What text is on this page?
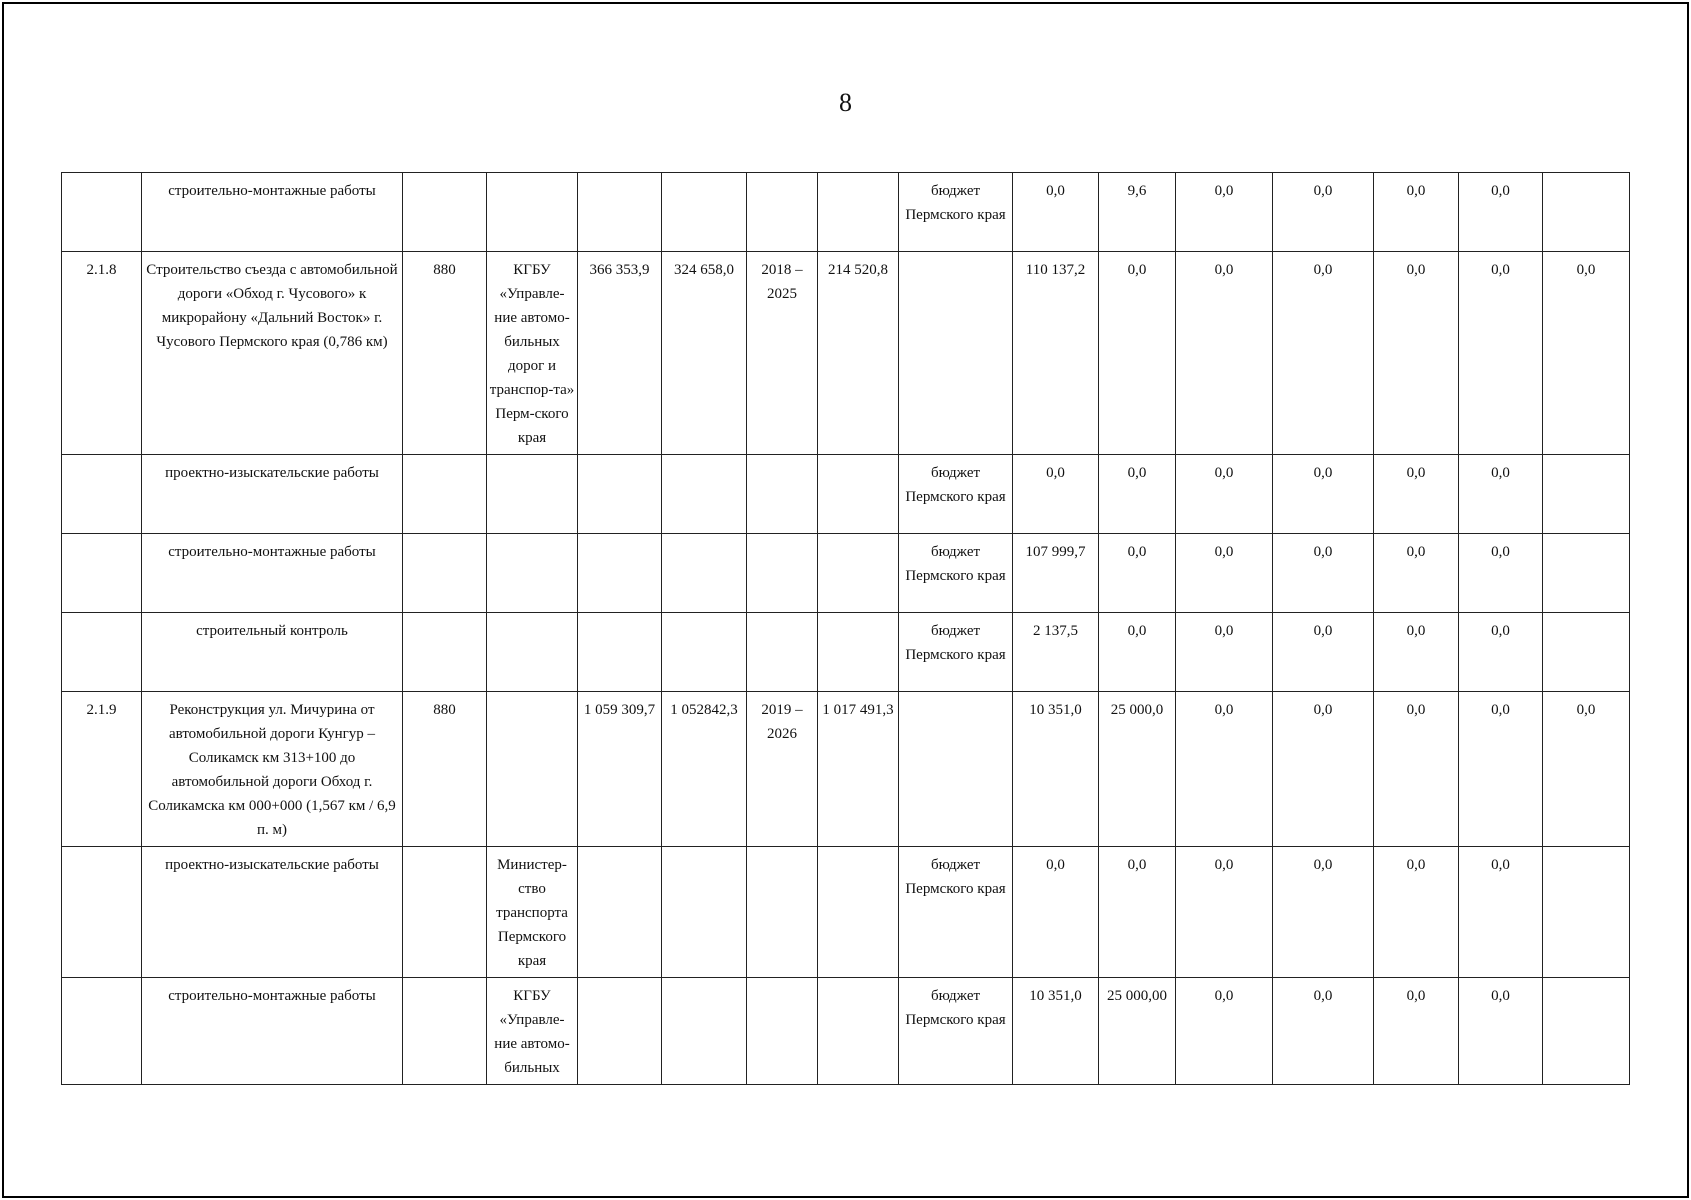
8
	строительно-монтажные работы							бюджет Пермского края	0,0	9,6	0,0	0,0	0,0	0,0	
2.1.8	Строительство съезда с автомобильной дороги «Обход г. Чусового» к микрорайону «Дальний Восток» г. Чусового Пермского края (0,786 км)	880	КГБУ «Управле-ние автомо-бильных дорог и транспор-та» Перм-ского края	366 353,9	324 658,0	2018 – 2025	214 520,8		110 137,2	0,0	0,0	0,0	0,0	0,0	0,0
	проектно-изыскательские работы							бюджет Пермского края	0,0	0,0	0,0	0,0	0,0	0,0	
	строительно-монтажные работы							бюджет Пермского края	107 999,7	0,0	0,0	0,0	0,0	0,0	
	строительный контроль							бюджет Пермского края	2 137,5	0,0	0,0	0,0	0,0	0,0	
2.1.9	Реконструкция ул. Мичурина от автомобильной дороги Кунгур – Соликамск км 313+100 до автомобильной дороги Обход г. Соликамска км 000+000 (1,567 км / 6,9 п. м)	880		1 059 309,7	1 052842,3	2019 – 2026	1 017 491,3		10 351,0	25 000,0	0,0	0,0	0,0	0,0	0,0
	проектно-изыскательские работы		Министер-ство транспорта Пермского края					бюджет Пермского края	0,0	0,0	0,0	0,0	0,0	0,0	
	строительно-монтажные работы		КГБУ «Управле-ние автомо-бильных					бюджет Пермского края	10 351,0	25 000,00	0,0	0,0	0,0	0,0	
